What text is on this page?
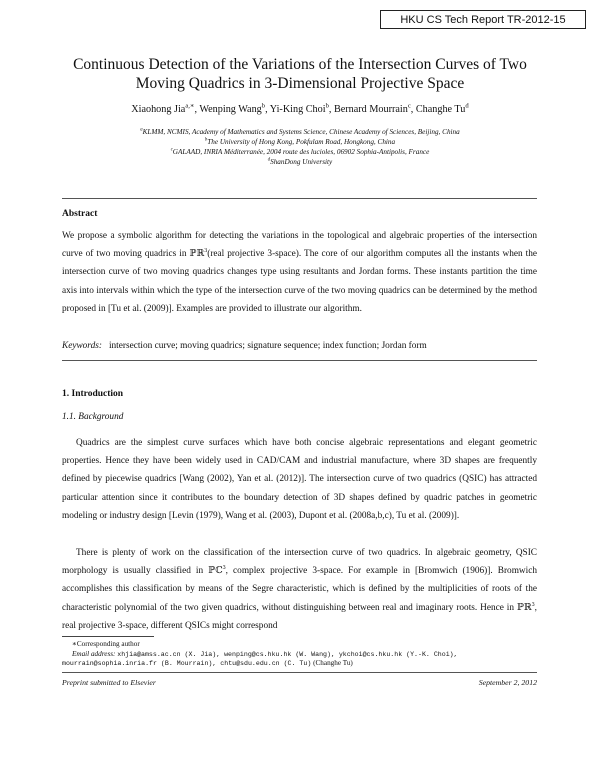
HKU CS Tech Report TR-2012-15
Continuous Detection of the Variations of the Intersection Curves of Two
Moving Quadrics in 3-Dimensional Projective Space
Xiaohong Jia$^{a,∗}$, Wenping Wang$^b$, Yi-King Choi$^b$, Bernard Mourrain$^c$, Changhe Tu$^d$
$^a$KLMM, NCMIS, Academy of Mathematics and Systems Science, Chinese Academy of Sciences, Beijing, China
$^b$The University of Hong Kong, Pokfulam Road, Hongkong, China
$^c$GALAAD, INRIA Méditerranée, 2004 route des lucioles, 06902 Sophia-Antipolis, France
$^d$ShanDong University
Abstract
We propose a symbolic algorithm for detecting the variations in the topological and algebraic properties of the intersection curve of two moving quadrics in ℙℝ$^3$(real projective 3-space). The core of our algorithm computes all the instants when the intersection curve of two moving quadrics changes type using resultants and Jordan forms. These instants partition the time axis into intervals within which the type of the intersection curve of the two moving quadrics can be determined by the method proposed in [Tu et al. (2009)]. Examples are provided to illustrate our algorithm.
Keywords: intersection curve; moving quadrics; signature sequence; index function; Jordan form
1. Introduction
1.1. Background
Quadrics are the simplest curve surfaces which have both concise algebraic representations and elegant geometric properties. Hence they have been widely used in CAD/CAM and industrial manufacture, where 3D shapes are frequently defined by piecewise quadrics [Wang (2002), Yan et al. (2012)]. The intersection curve of two quadrics (QSIC) has attracted particular attention since it contributes to the boundary detection of 3D shapes defined by quadric patches in geometric modeling or industry design [Levin (1979), Wang et al. (2003), Dupont et al. (2008a,b,c), Tu et al. (2009)].
There is plenty of work on the classification of the intersection curve of two quadrics. In algebraic geometry, QSIC morphology is usually classified in ℙℂ$^3$, complex projective 3-space. For example in [Bromwich (1906)]. Bromwich accomplishes this classification by means of the Segre characteristic, which is defined by the multiplicities of roots of the characteristic polynomial of the two given quadrics, without distinguishing between real and imaginary roots. Hence in ℙℝ$^3$, real projective 3-space, different QSICs might correspond
∗Corresponding author
Email address: xhjia@amss.ac.cn (X. Jia), wenping@cs.hku.hk (W. Wang), ykchoi@cs.hku.hk (Y.-K. Choi),
mourrain@sophia.inria.fr (B. Mourrain), chtu@sdu.edu.cn (C. Tu) (Changhe Tu)
Preprint submitted to Elsevier	September 2, 2012
